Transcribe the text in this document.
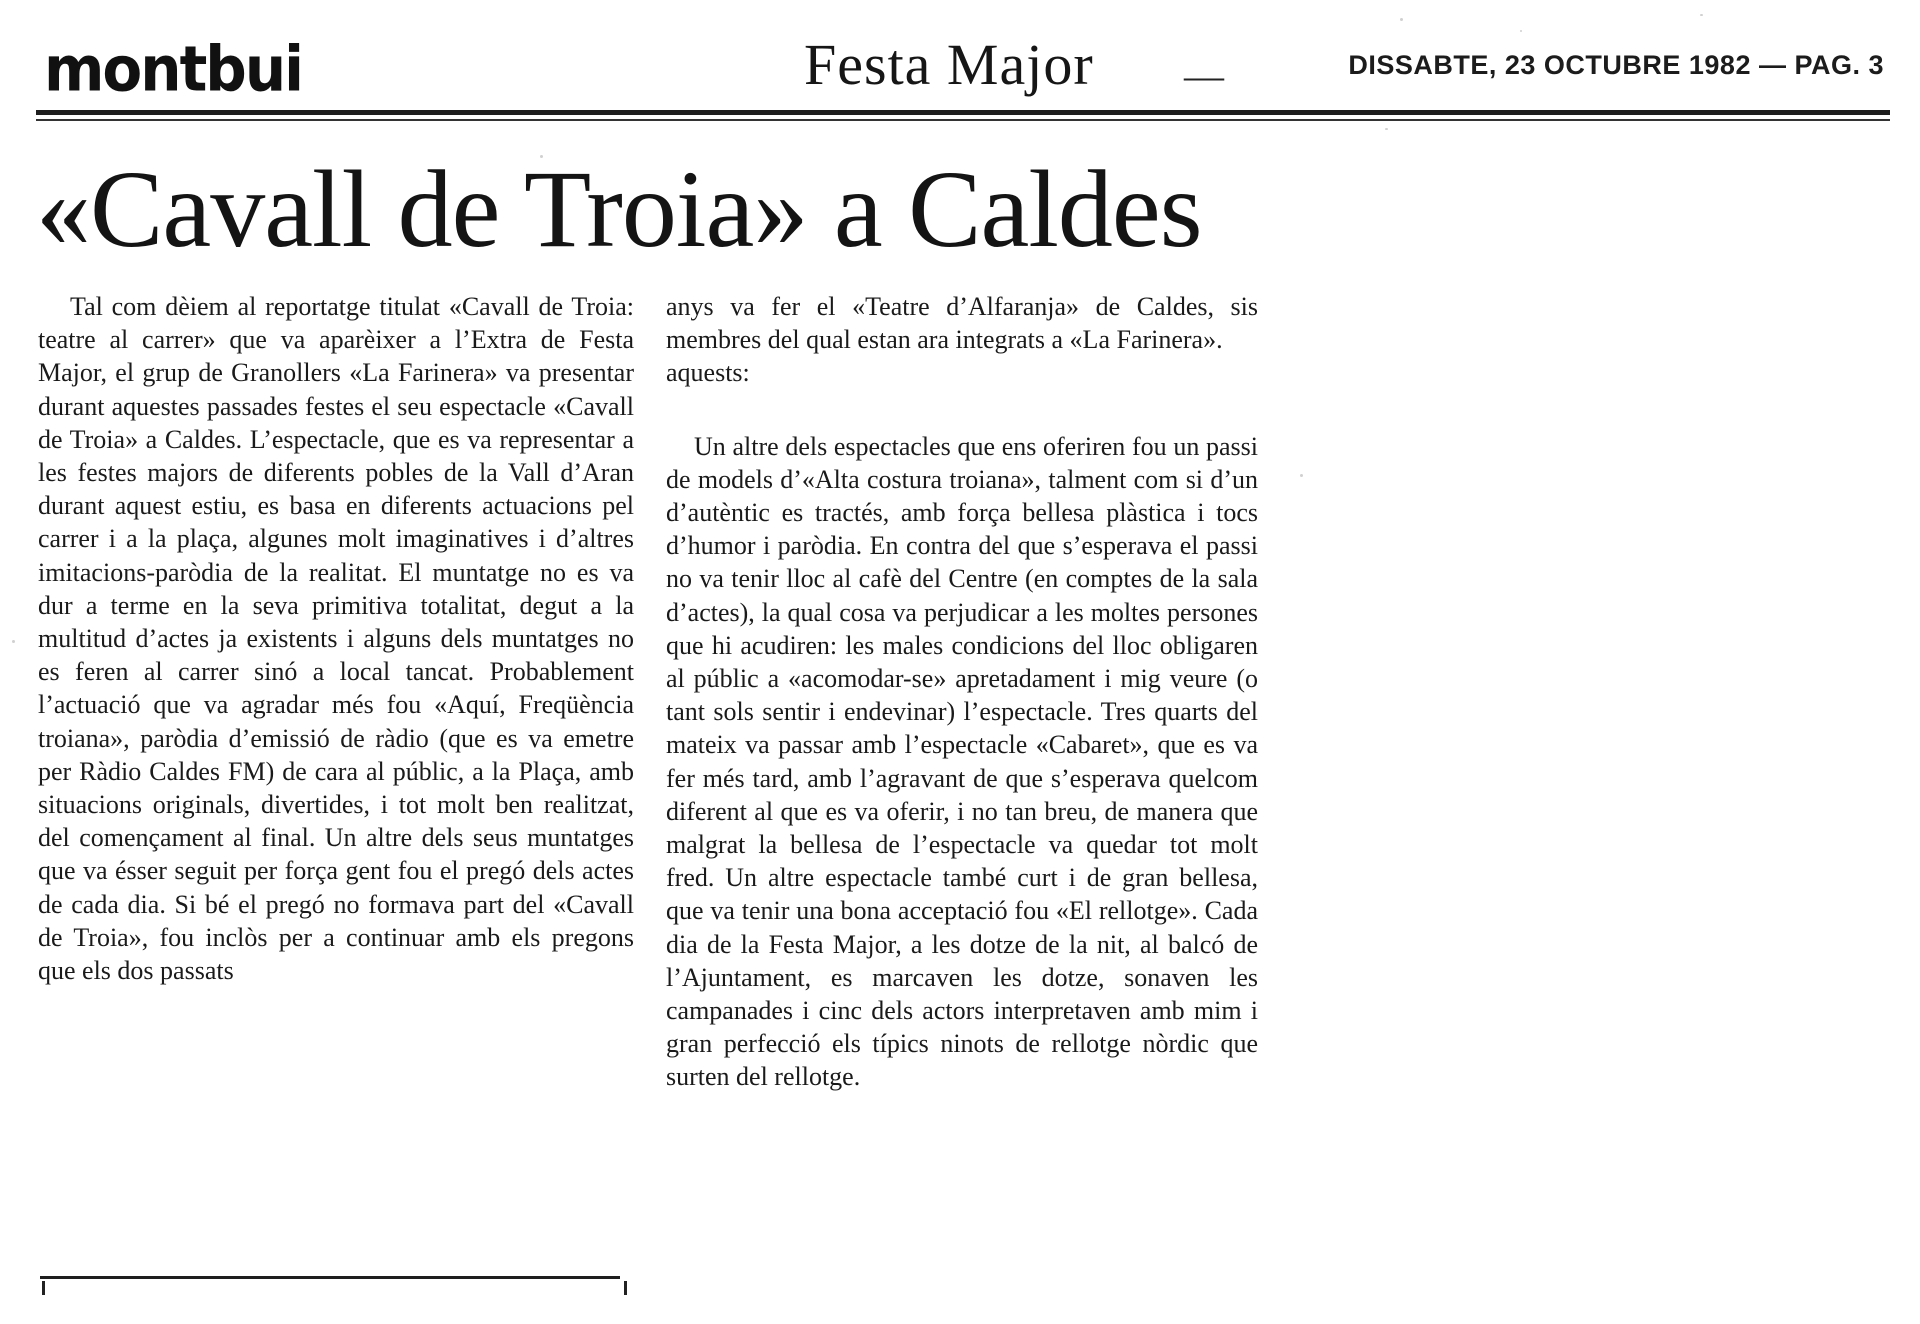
montbui	Festa Major —	DISSABTE, 23 OCTUBRE 1982 — PAG. 3
«Cavall de Troia» a Caldes

Tal com dèiem al reportatge titulat «Cavall de Troia: teatre al carrer» que va aparèixer a l’Extra de Festa Major, el grup de Granollers «La Farinera» va presentar durant aquestes passades festes el seu espectacle «Cavall de Troia» a Caldes. L’espectacle, que es va representar a les festes majors de diferents pobles de la Vall d’Aran durant aquest estiu, es basa en diferents actuacions pel carrer i a la plaça, algunes molt imaginatives i d’altres imitacions-paròdia de la realitat. El muntatge no es va dur a terme en la seva primitiva totalitat, degut a la multitud d’actes ja existents i alguns dels muntatges no es feren al carrer sinó a local tancat. Probablement l’actuació que va agradar més fou «Aquí, Freqüència troiana», paròdia d’emissió de ràdio (que es va emetre per Ràdio Caldes FM) de cara al públic, a la Plaça, amb situacions originals, divertides, i tot molt ben realitzat, del començament al final. Un altre dels seus muntatges que va ésser seguit per força gent fou el pregó dels actes de cada dia. Si bé el pregó no formava part del «Cavall de Troia», fou inclòs per a continuar amb els pregons que els dos passats

anys va fer el «Teatre d’Alfaranja» de Caldes, sis membres del qual estan ara integrats a «La Farinera».

aquests:

Un altre dels espectacles que ens oferiren fou un passi de models d’«Alta costura troiana», talment com si d’un d’autèntic es tractés, amb força bellesa plàstica i tocs d’humor i paròdia. En contra del que s’esperava el passi no va tenir lloc al cafè del Centre (en comptes de la sala d’actes), la qual cosa va perjudicar a les moltes persones que hi acudiren: les males condicions del lloc obligaren al públic a «acomodar-se» apretadament i mig veure (o tant sols sentir i endevinar) l’espectacle. Tres quarts del mateix va passar amb l’espectacle «Cabaret», que es va fer més tard, amb l’agravant de que s’esperava quelcom diferent al que es va oferir, i no tan breu, de manera que malgrat la bellesa de l’espectacle va quedar tot molt fred. Un altre espectacle també curt i de gran bellesa, que va tenir una bona acceptació fou «El rellotge». Cada dia de la Festa Major, a les dotze de la nit, al balcó de l’Ajuntament, es marcaven les dotze, sonaven les campanades i cinc dels actors interpretaven amb mim i gran perfecció els típics ninots de rellotge nòrdic que surten del rellotge.
